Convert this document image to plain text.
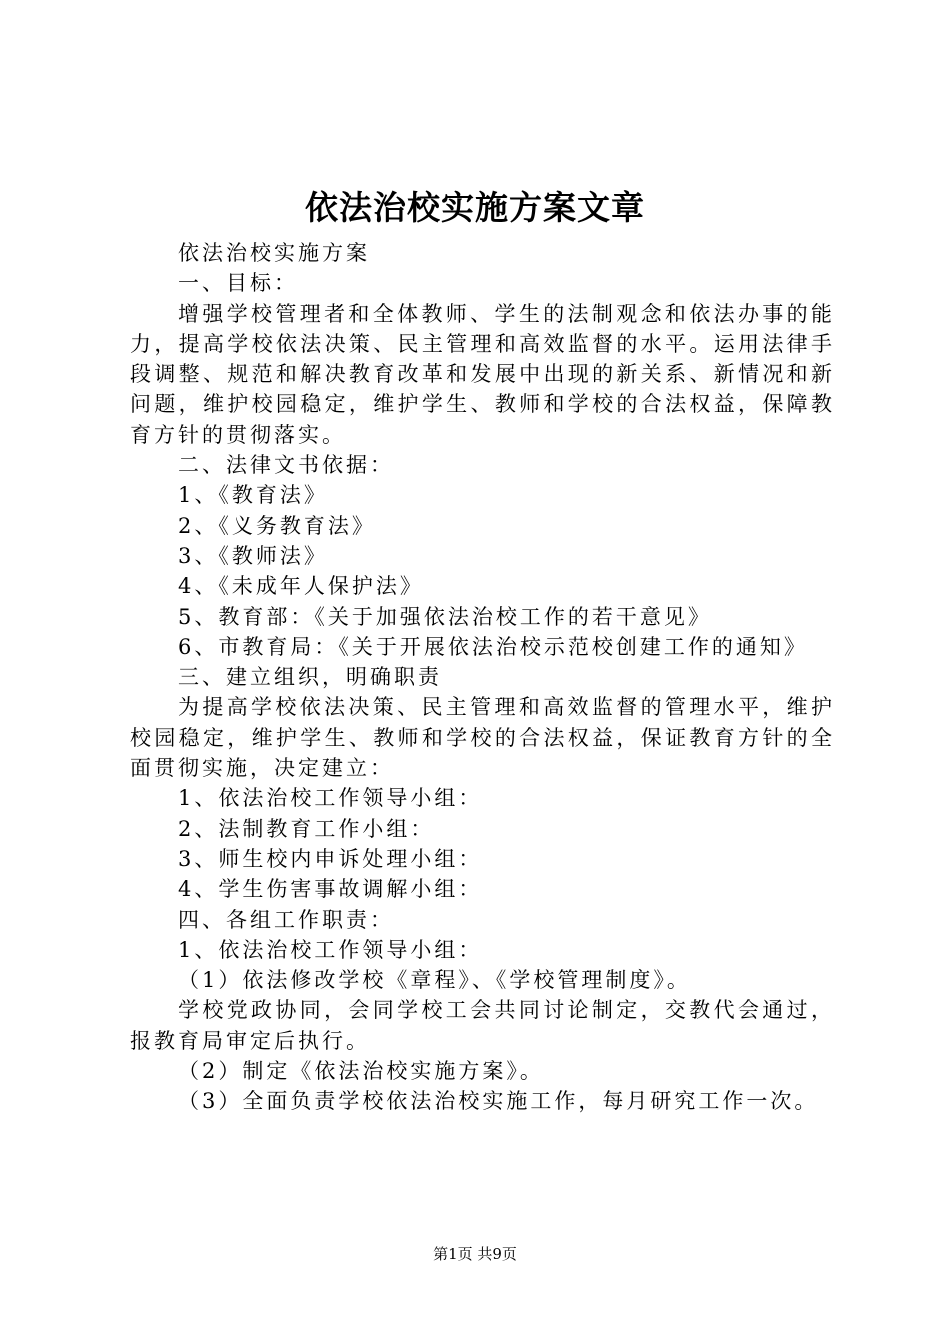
依法治校实施方案文章

依法治校实施方案

一、目标：

增强学校管理者和全体教师、学生的法制观念和依法办事的能力，提高学校依法决策、民主管理和高效监督的水平。运用法律手段调整、规范和解决教育改革和发展中出现的新关系、新情况和新问题，维护校园稳定，维护学生、教师和学校的合法权益，保障教育方针的贯彻落实。

二、法律文书依据：

1、《教育法》

2、《义务教育法》

3、《教师法》

4、《未成年人保护法》

5、教育部：《关于加强依法治校工作的若干意见》

6、市教育局：《关于开展依法治校示范校创建工作的通知》

三、建立组织，明确职责

为提高学校依法决策、民主管理和高效监督的管理水平，维护校园稳定，维护学生、教师和学校的合法权益，保证教育方针的全面贯彻实施，决定建立：

1、依法治校工作领导小组：

2、法制教育工作小组：

3、师生校内申诉处理小组：

4、学生伤害事故调解小组：

四、各组工作职责：

1、依法治校工作领导小组：

（1）依法修改学校《章程》、《学校管理制度》。

学校党政协同，会同学校工会共同讨论制定，交教代会通过，报教育局审定后执行。

（2）制定《依法治校实施方案》。

（3）全面负责学校依法治校实施工作，每月研究工作一次。

第1页 共9页
